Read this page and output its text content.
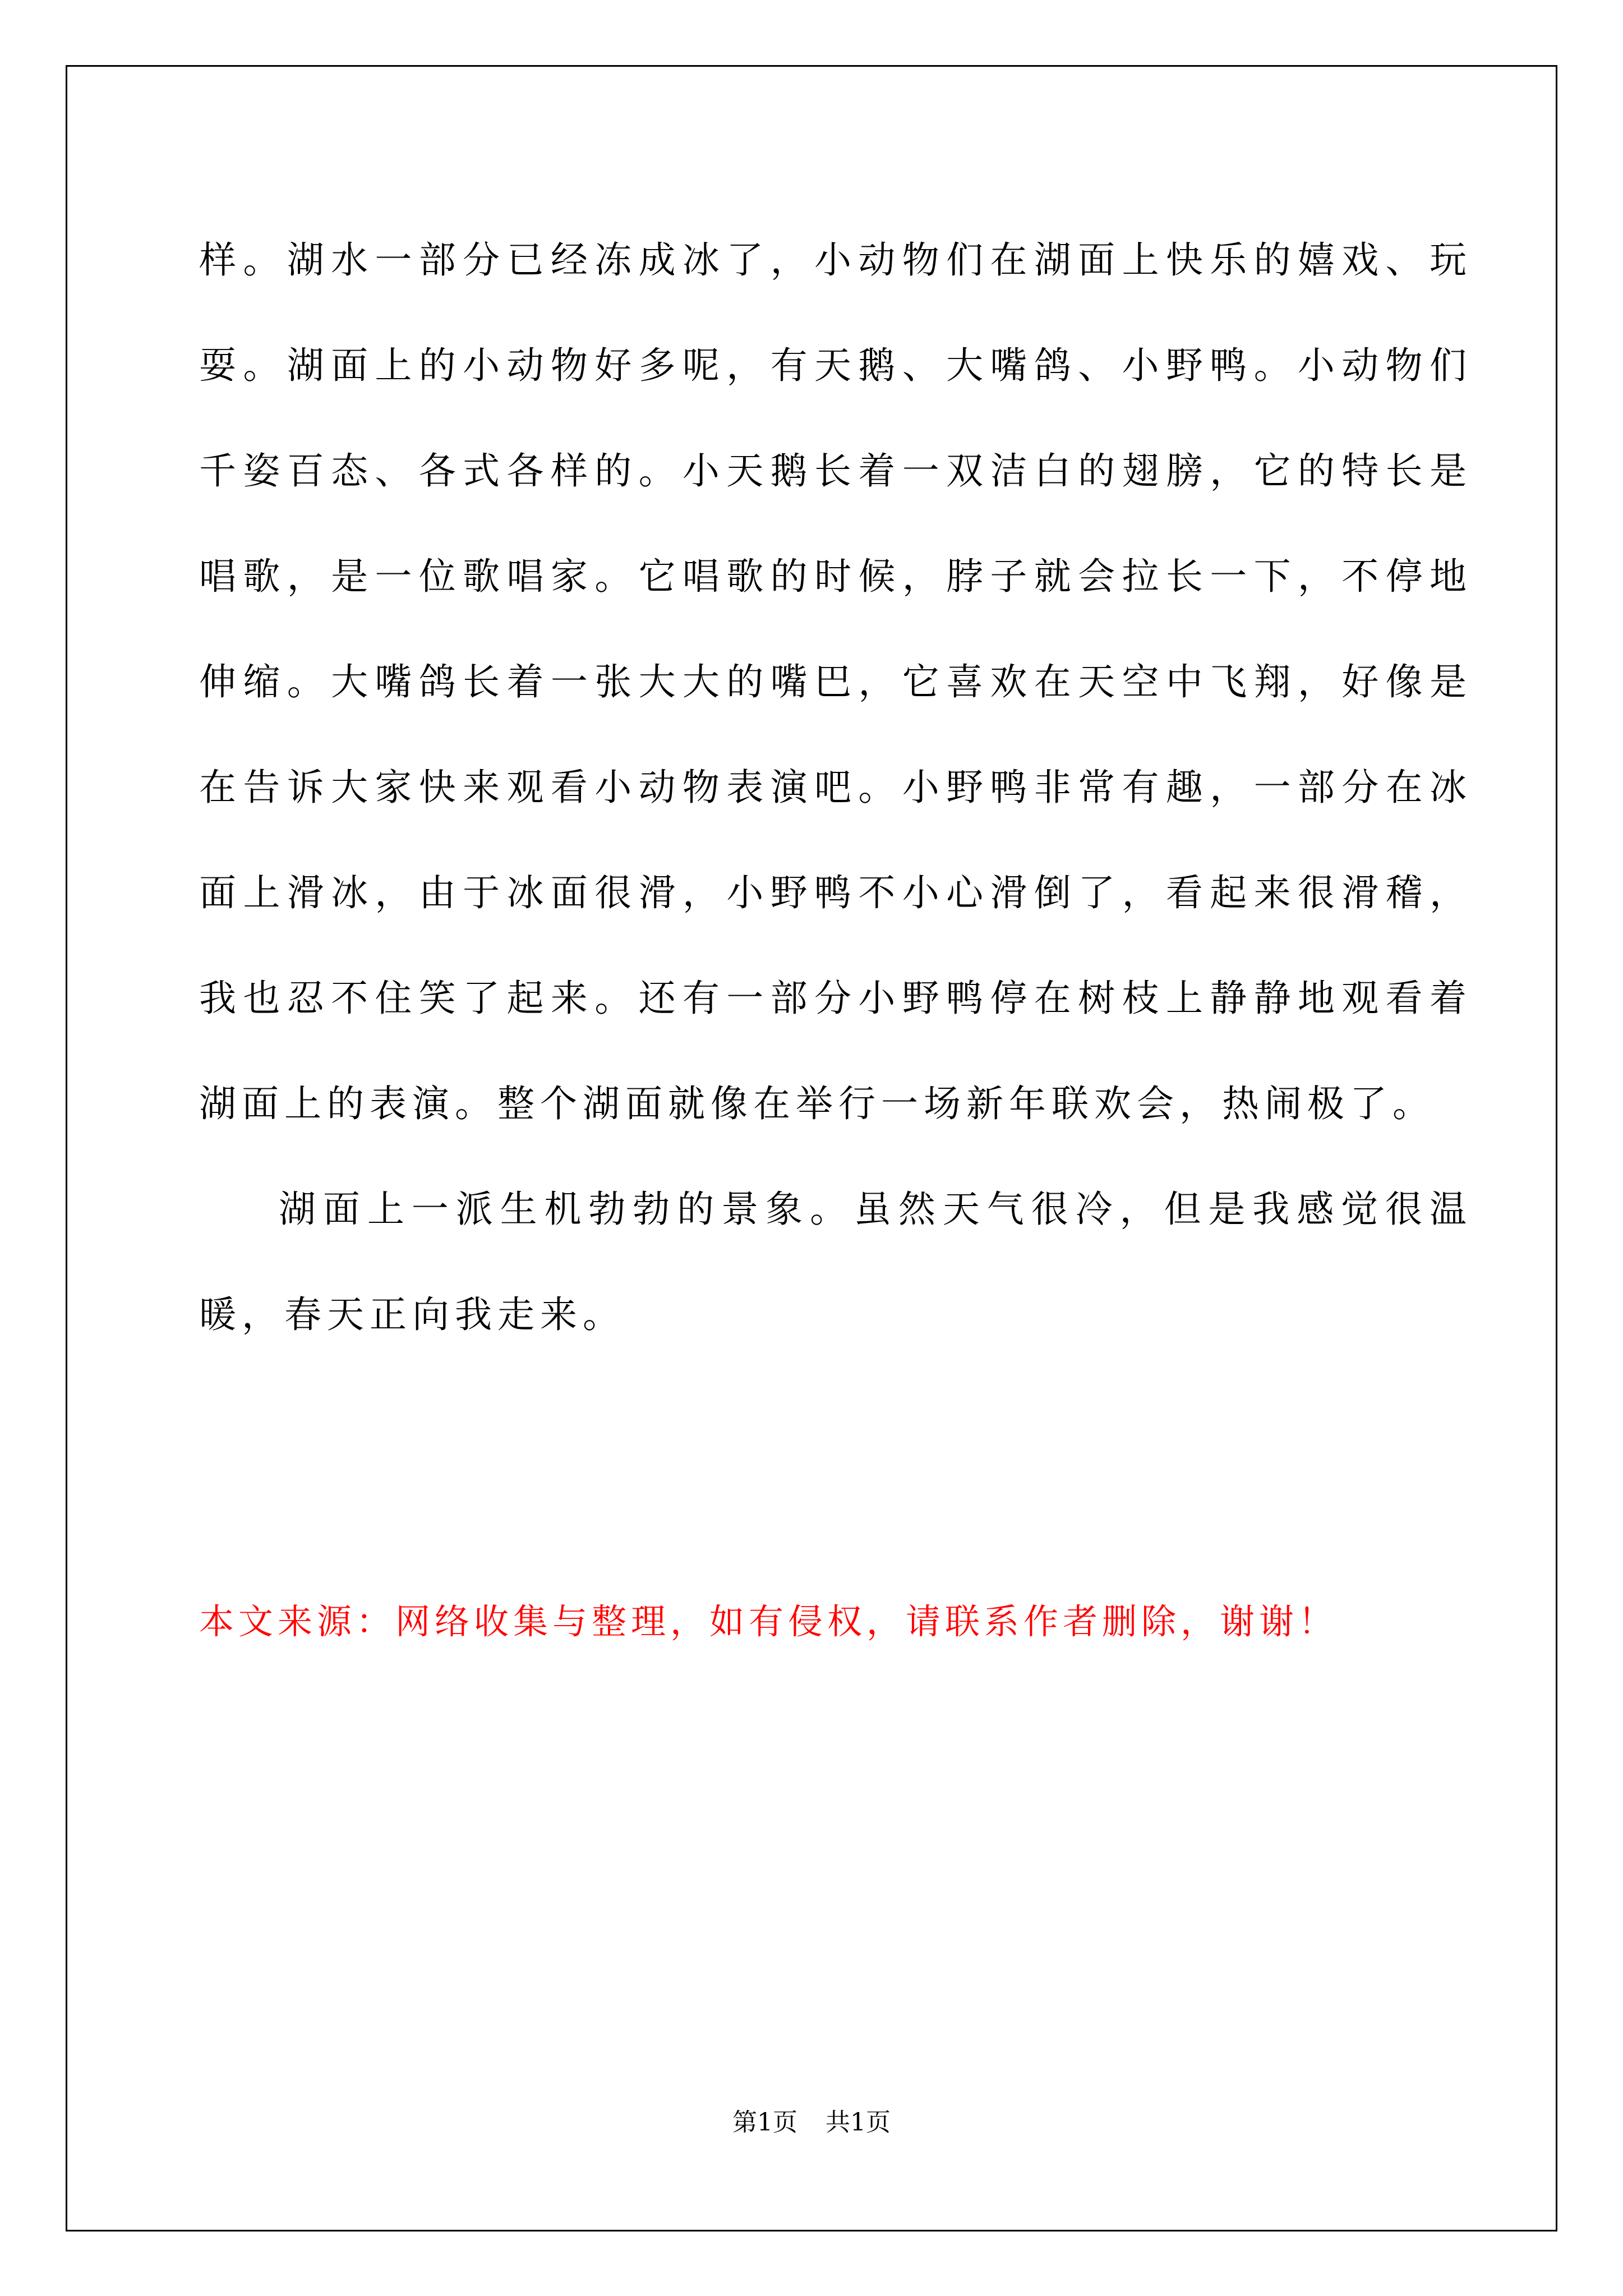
样。湖水一部分已经冻成冰了，小动物们在湖面上快乐的嬉戏、玩耍。湖面上的小动物好多呢，有天鹅、大嘴鸽、小野鸭。小动物们千姿百态、各式各样的。小天鹅长着一双洁白的翅膀，它的特长是唱歌，是一位歌唱家。它唱歌的时候，脖子就会拉长一下，不停地伸缩。大嘴鸽长着一张大大的嘴巴，它喜欢在天空中飞翔，好像是在告诉大家快来观看小动物表演吧。小野鸭非常有趣，一部分在冰面上滑冰，由于冰面很滑，小野鸭不小心滑倒了，看起来很滑稽，我也忍不住笑了起来。还有一部分小野鸭停在树枝上静静地观看着湖面上的表演。整个湖面就像在举行一场新年联欢会，热闹极了。

湖面上一派生机勃勃的景象。虽然天气很冷，但是我感觉很温暖，春天正向我走来。

本文来源：网络收集与整理，如有侵权，请联系作者删除，谢谢！

第1页 共1页
